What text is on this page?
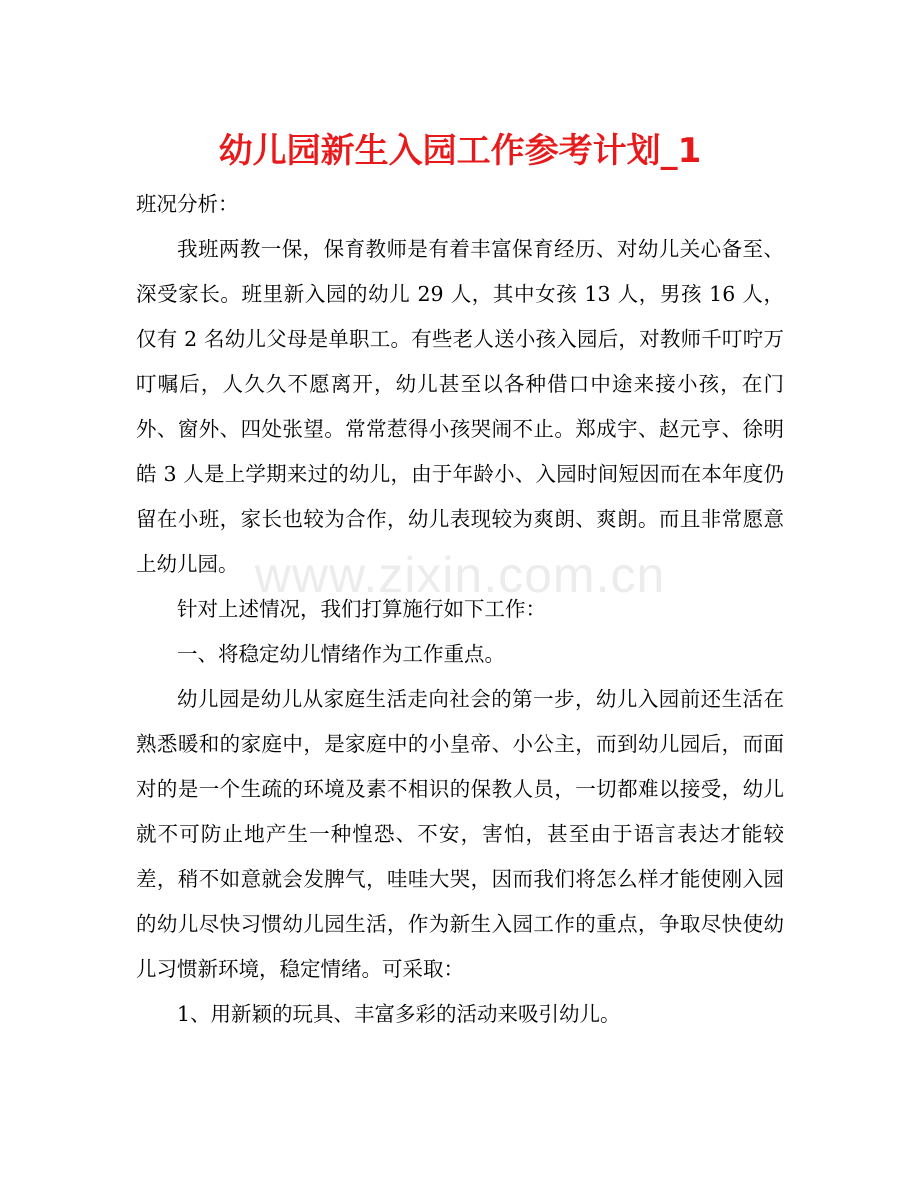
幼儿园新生入园工作参考计划_1

班况分析：

我班两教一保，保育教师是有着丰富保育经历、对幼儿关心备至、深受家长。班里新入园的幼儿 29 人，其中女孩 13 人，男孩 16 人，仅有 2 名幼儿父母是单职工。有些老人送小孩入园后，对教师千叮咛万叮嘱后，人久久不愿离开，幼儿甚至以各种借口中途来接小孩，在门外、窗外、四处张望。常常惹得小孩哭闹不止。郑成宇、赵元亨、徐明皓 3 人是上学期来过的幼儿，由于年龄小、入园时间短因而在本年度仍留在小班，家长也较为合作，幼儿表现较为爽朗、爽朗。而且非常愿意上幼儿园。

针对上述情况，我们打算施行如下工作：

一、将稳定幼儿情绪作为工作重点。

幼儿园是幼儿从家庭生活走向社会的第一步，幼儿入园前还生活在熟悉暖和的家庭中，是家庭中的小皇帝、小公主，而到幼儿园后，而面对的是一个生疏的环境及素不相识的保教人员，一切都难以接受，幼儿就不可防止地产生一种惶恐、不安，害怕，甚至由于语言表达才能较差，稍不如意就会发脾气，哇哇大哭，因而我们将怎么样才能使刚入园的幼儿尽快习惯幼儿园生活，作为新生入园工作的重点，争取尽快使幼儿习惯新环境，稳定情绪。可采取：

1、用新颖的玩具、丰富多彩的活动来吸引幼儿。

www.zixin.com.cn
